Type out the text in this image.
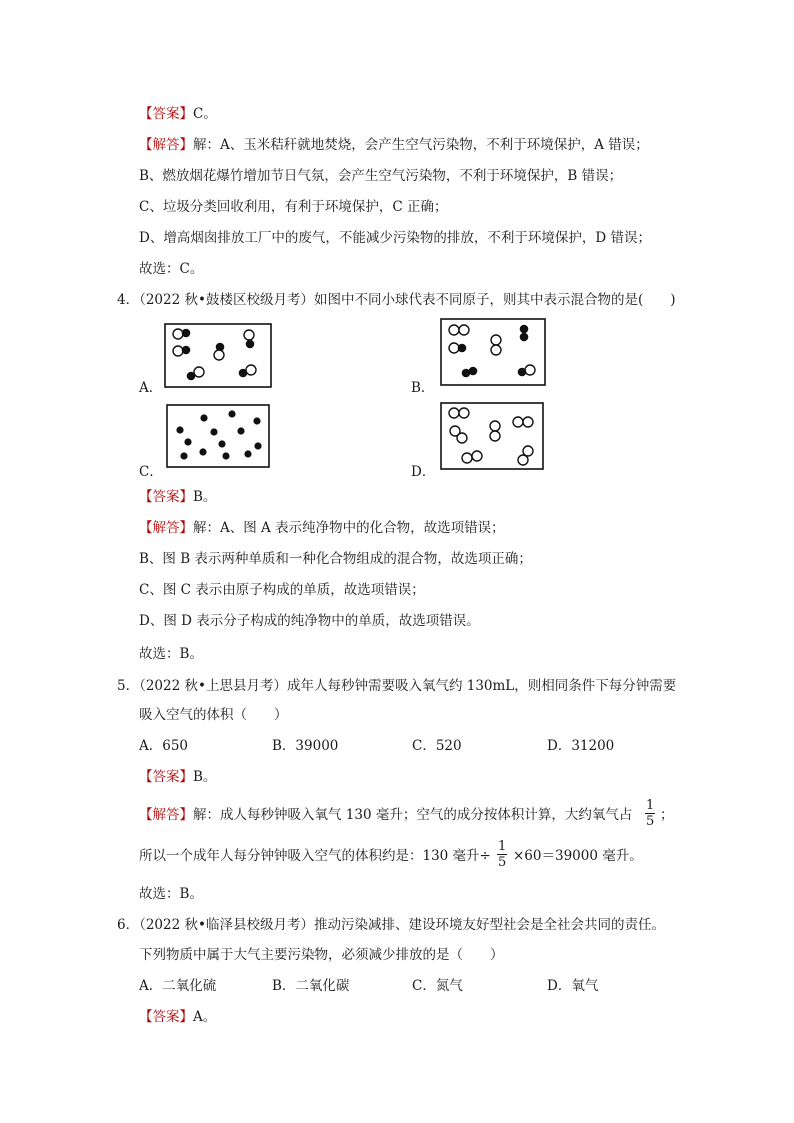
【答案】C。
【解答】解：A、玉米秸秆就地焚烧，会产生空气污染物，不利于环境保护，A 错误；
B、燃放烟花爆竹增加节日气氛，会产生空气污染物，不利于环境保护，B 错误；
C、垃圾分类回收利用，有利于环境保护，C 正确；
D、增高烟囱排放工厂中的废气，不能减少污染物的排放，不利于环境保护，D 错误；
故选：C。
4．（2022 秋•鼓楼区校级月考）如图中不同小球代表不同原子，则其中表示混合物的是(　　)
A．	B．
C．	D．
【答案】B。
【解答】解：A、图 A 表示纯净物中的化合物，故选项错误；
B、图 B 表示两种单质和一种化合物组成的混合物，故选项正确；
C、图 C 表示由原子构成的单质，故选项错误；
D、图 D 表示分子构成的纯净物中的单质，故选项错误。
故选：B。
5．（2022 秋•上思县月考）成年人每秒钟需要吸入氧气约 130mL，则相同条件下每分钟需要
吸入空气的体积（　　）
A．650	B．39000	C．520	D．31200
【答案】B。
【解答】解：成人每秒钟吸入氧气 130 毫升；空气的成分按体积计算，大约氧气占 $\frac{1}{5}$ ；
所以一个成年人每分钟钟吸入空气的体积约是：130 毫升÷ $\frac{1}{5} \times 60=39000$ 毫升。
故选：B。
6．（2022 秋•临泽县校级月考）推动污染减排、建设环境友好型社会是全社会共同的责任。
下列物质中属于大气主要污染物，必须减少排放的是（　　）
A．二氧化硫	B．二氧化碳	C．氮气	D．氧气
【答案】A。
